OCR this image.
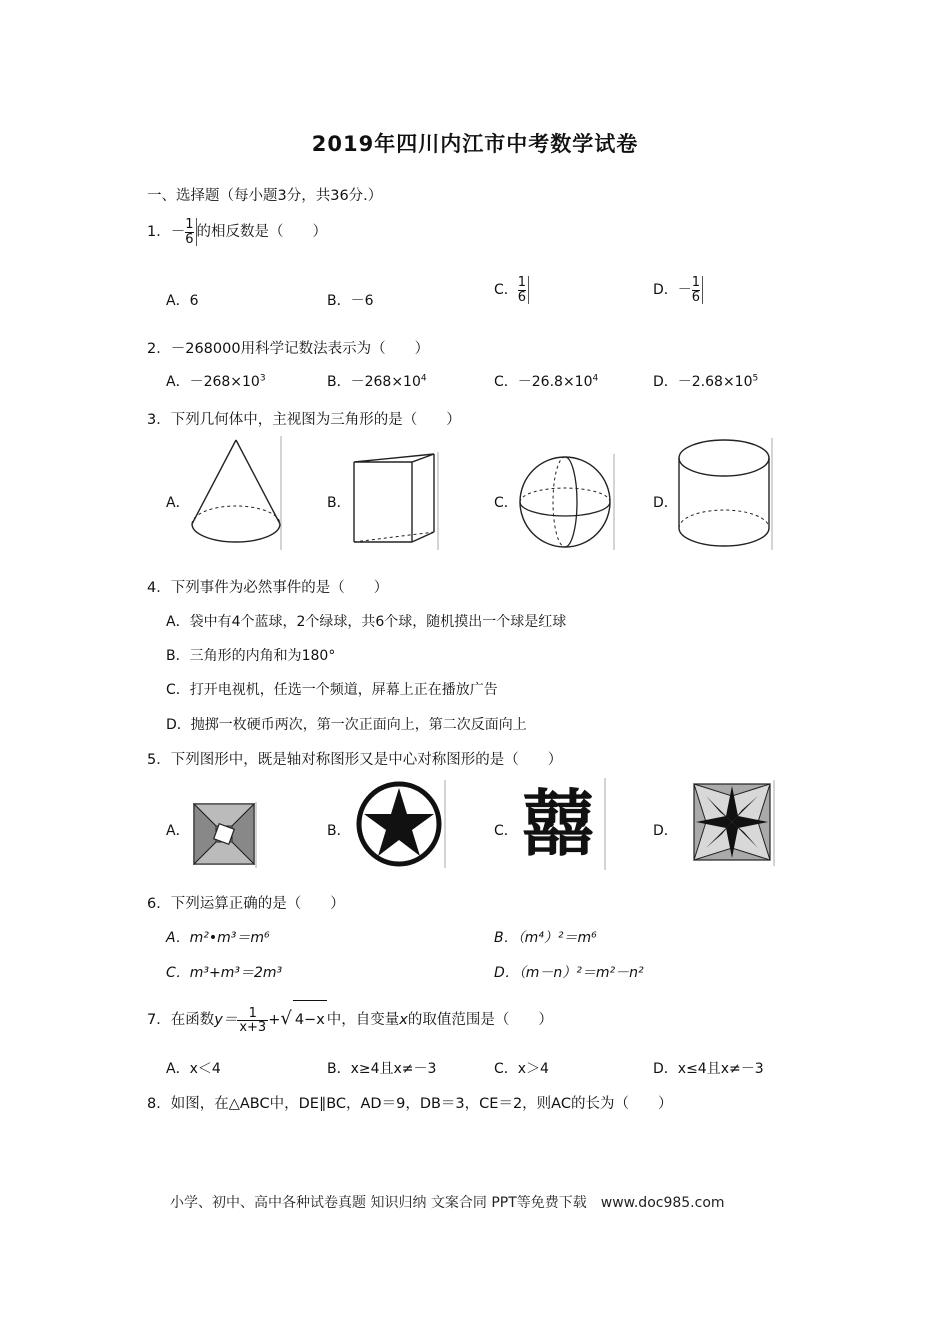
2019年四川内江市中考数学试卷
一、选择题（每小题3分，共36分.）
1．$-\frac{1}{6}$ 的相反数是（　　）
A．6	B．－6
C．$\frac{1}{6}$	D．$-\frac{1}{6}$
2．－268000用科学记数法表示为（　　）
A．$-268\times 10^3$	B．$-268\times 10^4$	C．$-26.8\times 10^4$	D．$-2.68\times 10^5$
3．下列几何体中，主视图为三角形的是（　　）
A．	B．	C．	D．
4．下列事件为必然事件的是（　　）
A．袋中有4个蓝球，2个绿球，共6个球，随机摸出一个球是红球
B．三角形的内角和为180°
C．打开电视机，任选一个频道，屏幕上正在播放广告
D．抛掷一枚硬币两次，第一次正面向上，第二次反面向上
5．下列图形中，既是轴对称图形又是中心对称图形的是（　　）
A．	B．	C．	D．
囍
6．下列运算正确的是（　　）
A．m²•m³＝m⁶	B．（m⁴）²＝m⁶
C．m³+m³＝2m³	D．（m－n）²＝m²－n²
7．在函数$y= \frac{1}{x+3}$ +√ 4−x 中，自变量x的取值范围是（　　）
A．x＜4	B．x≥4且x≠－3	C．x＞4	D．x≤4且x≠－3
8．如图，在△ABC中，DE∥BC，AD＝9，DB＝3，CE＝2，则AC的长为（　　）
小学、初中、高中各种试卷真题 知识归纳 文案合同 PPT等免费下载　www.doc985.com
